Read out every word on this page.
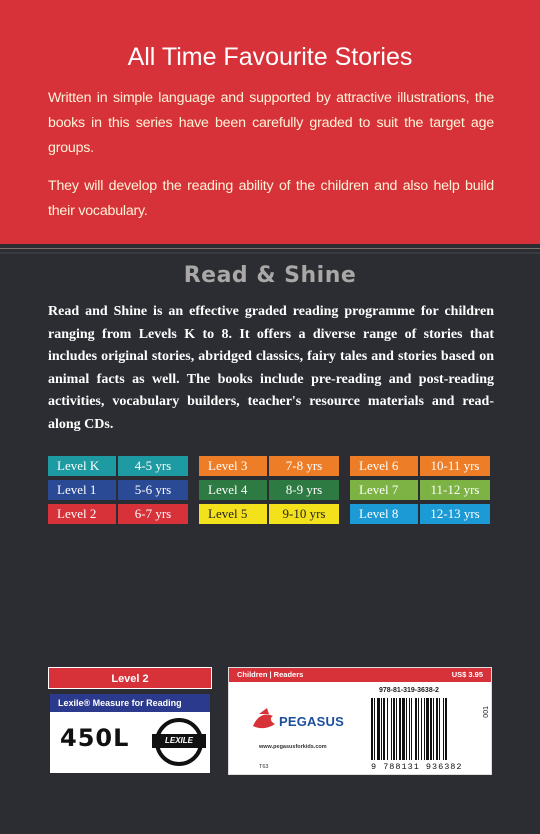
All Time Favourite Stories
Written in simple language and supported by attractive illustrations, the books in this series have been carefully graded to suit the target age groups.
They will develop the reading ability of the children and also help build their vocabulary.
Read & Shine
Read and Shine is an effective graded reading programme for children ranging from Levels K to 8. It offers a diverse range of stories that includes original stories, abridged classics, fairy tales and stories based on animal facts as well. The books include pre-reading and post-reading activities, vocabulary builders, teacher's resource materials and read-along CDs.
Level K	4-5 yrs
Level 1	5-6 yrs
Level 2	6-7 yrs
Level 3	7-8 yrs
Level 4	8-9 yrs
Level 5	9-10 yrs
Level 6	10-11 yrs
Level 7	11-12 yrs
Level 8	12-13 yrs
Level 2
Lexile® Measure for Reading
450L	LEXILE
Children | Readers	US$ 3.95
978-81-319-3638-2
PEGASUS
www.pegasusforkids.com
T63	9 788131 936382
001
